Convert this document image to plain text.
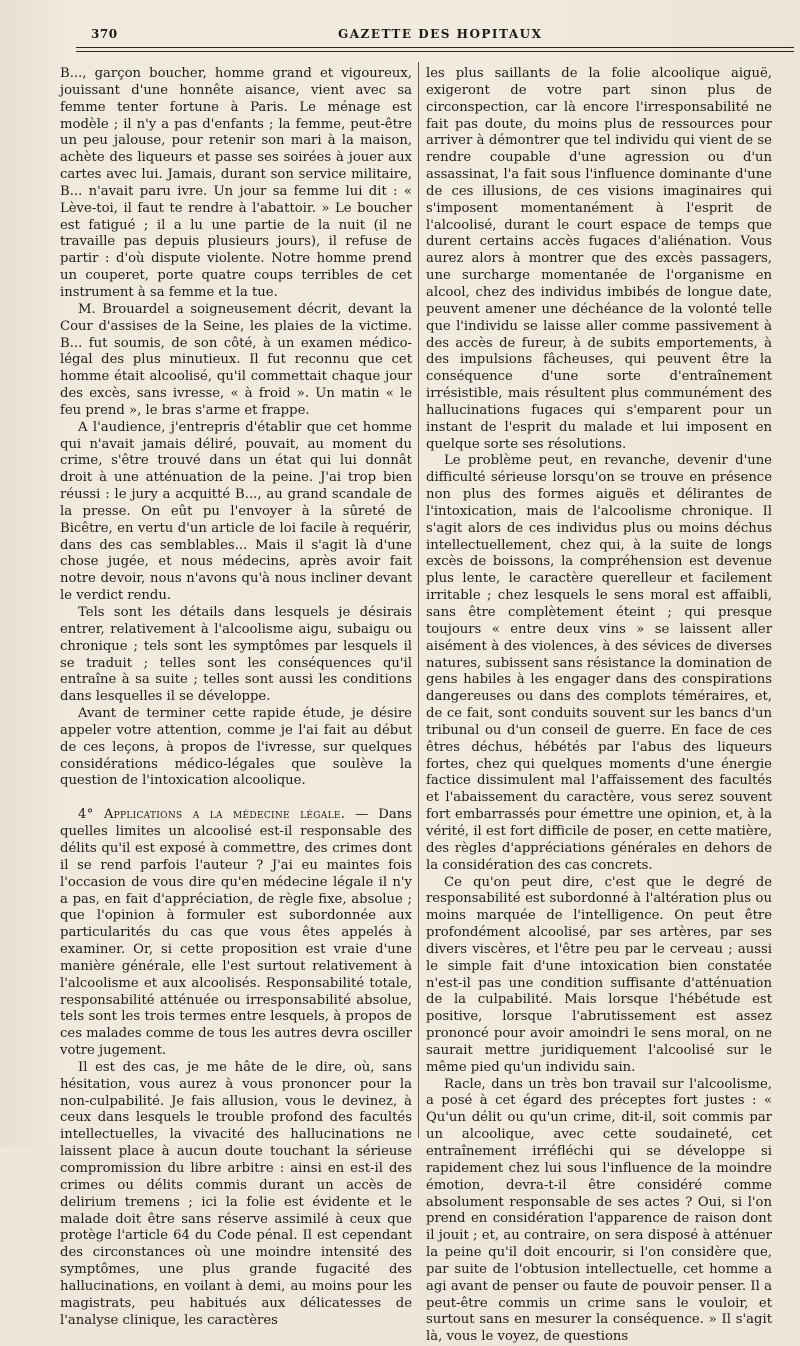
370	GAZETTE DES HOPITAUX

B..., garçon boucher, homme grand et vigoureux, jouissant d'une honnête aisance, vient avec sa femme tenter fortune à Paris. Le ménage est modèle ; il n'y a pas d'enfants ; la femme, peut-être un peu jalouse, pour retenir son mari à la maison, achète des liqueurs et passe ses soirées à jouer aux cartes avec lui. Jamais, durant son service militaire, B... n'avait paru ivre. Un jour sa femme lui dit : « Lève-toi, il faut te rendre à l'abattoir. » Le boucher est fatigué ; il a lu une partie de la nuit (il ne travaille pas depuis plusieurs jours), il refuse de partir : d'où dispute violente. Notre homme prend un couperet, porte quatre coups terribles de cet instrument à sa femme et la tue.

M. Brouardel a soigneusement décrit, devant la Cour d'assises de la Seine, les plaies de la victime. B... fut soumis, de son côté, à un examen médico-légal des plus minutieux. Il fut reconnu que cet homme était alcoolisé, qu'il commettait chaque jour des excès, sans ivresse, « à froid ». Un matin « le feu prend », le bras s'arme et frappe.

A l'audience, j'entrepris d'établir que cet homme qui n'avait jamais déliré, pouvait, au moment du crime, s'être trouvé dans un état qui lui donnât droit à une atténuation de la peine. J'ai trop bien réussi : le jury a acquitté B..., au grand scandale de la presse. On eût pu l'envoyer à la sûreté de Bicêtre, en vertu d'un article de loi facile à requérir, dans des cas semblables... Mais il s'agit là d'une chose jugée, et nous médecins, après avoir fait notre devoir, nous n'avons qu'à nous incliner devant le verdict rendu.

Tels sont les détails dans lesquels je désirais entrer, relativement à l'alcoolisme aigu, subaigu ou chronique ; tels sont les symptômes par lesquels il se traduit ; telles sont les conséquences qu'il entraîne à sa suite ; telles sont aussi les conditions dans lesquelles il se développe.

Avant de terminer cette rapide étude, je désire appeler votre attention, comme je l'ai fait au début de ces leçons, à propos de l'ivresse, sur quelques considérations médico-légales que soulève la question de l'intoxication alcoolique.

4° Applications a la médecine légale. — Dans quelles limites un alcoolisé est-il responsable des délits qu'il est exposé à commettre, des crimes dont il se rend parfois l'auteur ? J'ai eu maintes fois l'occasion de vous dire qu'en médecine légale il n'y a pas, en fait d'appréciation, de règle fixe, absolue ; que l'opinion à formuler est subordonnée aux particularités du cas que vous êtes appelés à examiner. Or, si cette proposition est vraie d'une manière générale, elle l'est surtout relativement à l'alcoolisme et aux alcoolisés. Responsabilité totale, responsabilité atténuée ou irresponsabilité absolue, tels sont les trois termes entre lesquels, à propos de ces malades comme de tous les autres devra osciller votre jugement.

Il est des cas, je me hâte de le dire, où, sans hésitation, vous aurez à vous prononcer pour la non-culpabilité. Je fais allusion, vous le devinez, à ceux dans lesquels le trouble profond des facultés intellectuelles, la vivacité des hallucinations ne laissent place à aucun doute touchant la sérieuse compromission du libre arbitre : ainsi en est-il des crimes ou délits commis durant un accès de delirium tremens ; ici la folie est évidente et le malade doit être sans réserve assimilé à ceux que protège l'article 64 du Code pénal. Il est cependant des circonstances où une moindre intensité des symptômes, une plus grande fugacité des hallucinations, en voilant à demi, au moins pour les magistrats, peu habitués aux délicatesses de l'analyse clinique, les caractères

les plus saillants de la folie alcoolique aiguë, exigeront de votre part sinon plus de circonspection, car là encore l'irresponsabilité ne fait pas doute, du moins plus de ressources pour arriver à démontrer que tel individu qui vient de se rendre coupable d'une agression ou d'un assassinat, l'a fait sous l'influence dominante d'une de ces illusions, de ces visions imaginaires qui s'imposent momentanément à l'esprit de l'alcoolisé, durant le court espace de temps que durent certains accès fugaces d'aliénation. Vous aurez alors à montrer que des excès passagers, une surcharge momentanée de l'organisme en alcool, chez des individus imbibés de longue date, peuvent amener une déchéance de la volonté telle que l'individu se laisse aller comme passivement à des accès de fureur, à de subits emportements, à des impulsions fâcheuses, qui peuvent être la conséquence d'une sorte d'entraînement irrésistible, mais résultent plus communément des hallucinations fugaces qui s'emparent pour un instant de l'esprit du malade et lui imposent en quelque sorte ses résolutions.

Le problème peut, en revanche, devenir d'une difficulté sérieuse lorsqu'on se trouve en présence non plus des formes aiguës et délirantes de l'intoxication, mais de l'alcoolisme chronique. Il s'agit alors de ces individus plus ou moins déchus intellectuellement, chez qui, à la suite de longs excès de boissons, la compréhension est devenue plus lente, le caractère querelleur et facilement irritable ; chez lesquels le sens moral est affaibli, sans être complètement éteint ; qui presque toujours « entre deux vins » se laissent aller aisément à des violences, à des sévices de diverses natures, subissent sans résistance la domination de gens habiles à les engager dans des conspirations dangereuses ou dans des complots téméraires, et, de ce fait, sont conduits souvent sur les bancs d'un tribunal ou d'un conseil de guerre. En face de ces êtres déchus, hébétés par l'abus des liqueurs fortes, chez qui quelques moments d'une énergie factice dissimulent mal l'affaissement des facultés et l'abaissement du caractère, vous serez souvent fort embarrassés pour émettre une opinion, et, à la vérité, il est fort difficile de poser, en cette matière, des règles d'appréciations générales en dehors de la considération des cas concrets.

Ce qu'on peut dire, c'est que le degré de responsabilité est subordonné à l'altération plus ou moins marquée de l'intelligence. On peut être profondément alcoolisé, par ses artères, par ses divers viscères, et l'être peu par le cerveau ; aussi le simple fait d'une intoxication bien constatée n'est-il pas une condition suffisante d'atténuation de la culpabilité. Mais lorsque l'hébétude est positive, lorsque l'abrutissement est assez prononcé pour avoir amoindri le sens moral, on ne saurait mettre juridiquement l'alcoolisé sur le même pied qu'un individu sain.

Racle, dans un très bon travail sur l'alcoolisme, a posé à cet égard des préceptes fort justes : « Qu'un délit ou qu'un crime, dit-il, soit commis par un alcoolique, avec cette soudaineté, cet entraînement irréfléchi qui se développe si rapidement chez lui sous l'influence de la moindre émotion, devra-t-il être considéré comme absolument responsable de ses actes ? Oui, si l'on prend en considération l'apparence de raison dont il jouit ; et, au contraire, on sera disposé à atténuer la peine qu'il doit encourir, si l'on considère que, par suite de l'obtusion intellectuelle, cet homme a agi avant de penser ou faute de pouvoir penser. Il a peut-être commis un crime sans le vouloir, et surtout sans en mesurer la conséquence. » Il s'agit là, vous le voyez, de questions
